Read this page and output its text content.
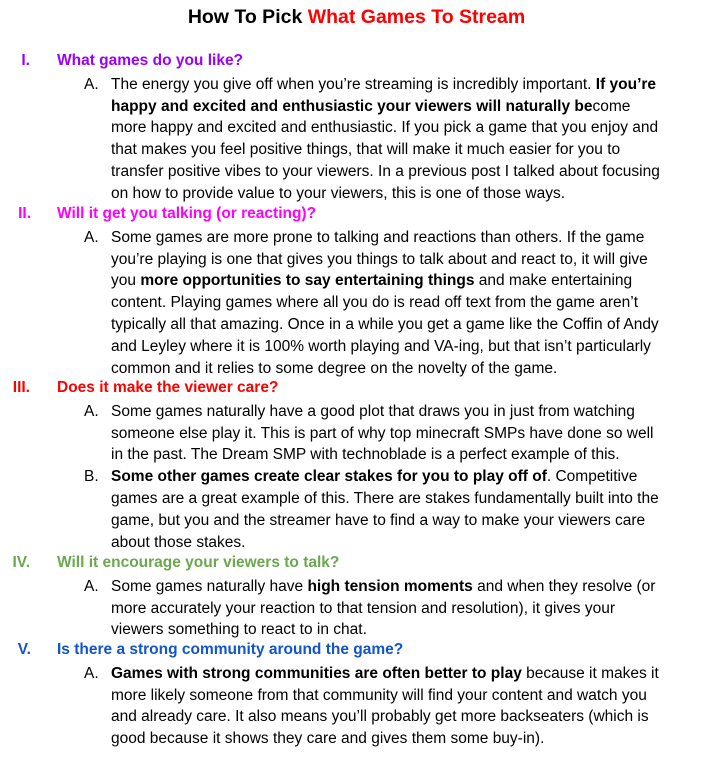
How To Pick What Games To Stream
I. What games do you like?
A. The energy you give off when you’re streaming is incredibly important. If you’re
happy and excited and enthusiastic your viewers will naturally become
more happy and excited and enthusiastic. If you pick a game that you enjoy and
that makes you feel positive things, that will make it much easier for you to
transfer positive vibes to your viewers. In a previous post I talked about focusing
on how to provide value to your viewers, this is one of those ways.
II. Will it get you talking (or reacting)?
A. Some games are more prone to talking and reactions than others. If the game
you’re playing is one that gives you things to talk about and react to, it will give
you more opportunities to say entertaining things and make entertaining
content. Playing games where all you do is read off text from the game aren’t
typically all that amazing. Once in a while you get a game like the Coffin of Andy
and Leyley where it is 100% worth playing and VA-ing, but that isn’t particularly
common and it relies to some degree on the novelty of the game.
III. Does it make the viewer care?
A. Some games naturally have a good plot that draws you in just from watching
someone else play it. This is part of why top minecraft SMPs have done so well
in the past. The Dream SMP with technoblade is a perfect example of this.
B. Some other games create clear stakes for you to play off of. Competitive
games are a great example of this. There are stakes fundamentally built into the
game, but you and the streamer have to find a way to make your viewers care
about those stakes.
IV. Will it encourage your viewers to talk?
A. Some games naturally have high tension moments and when they resolve (or
more accurately your reaction to that tension and resolution), it gives your
viewers something to react to in chat.
V. Is there a strong community around the game?
A. Games with strong communities are often better to play because it makes it
more likely someone from that community will find your content and watch you
and already care. It also means you’ll probably get more backseaters (which is
good because it shows they care and gives them some buy-in).
